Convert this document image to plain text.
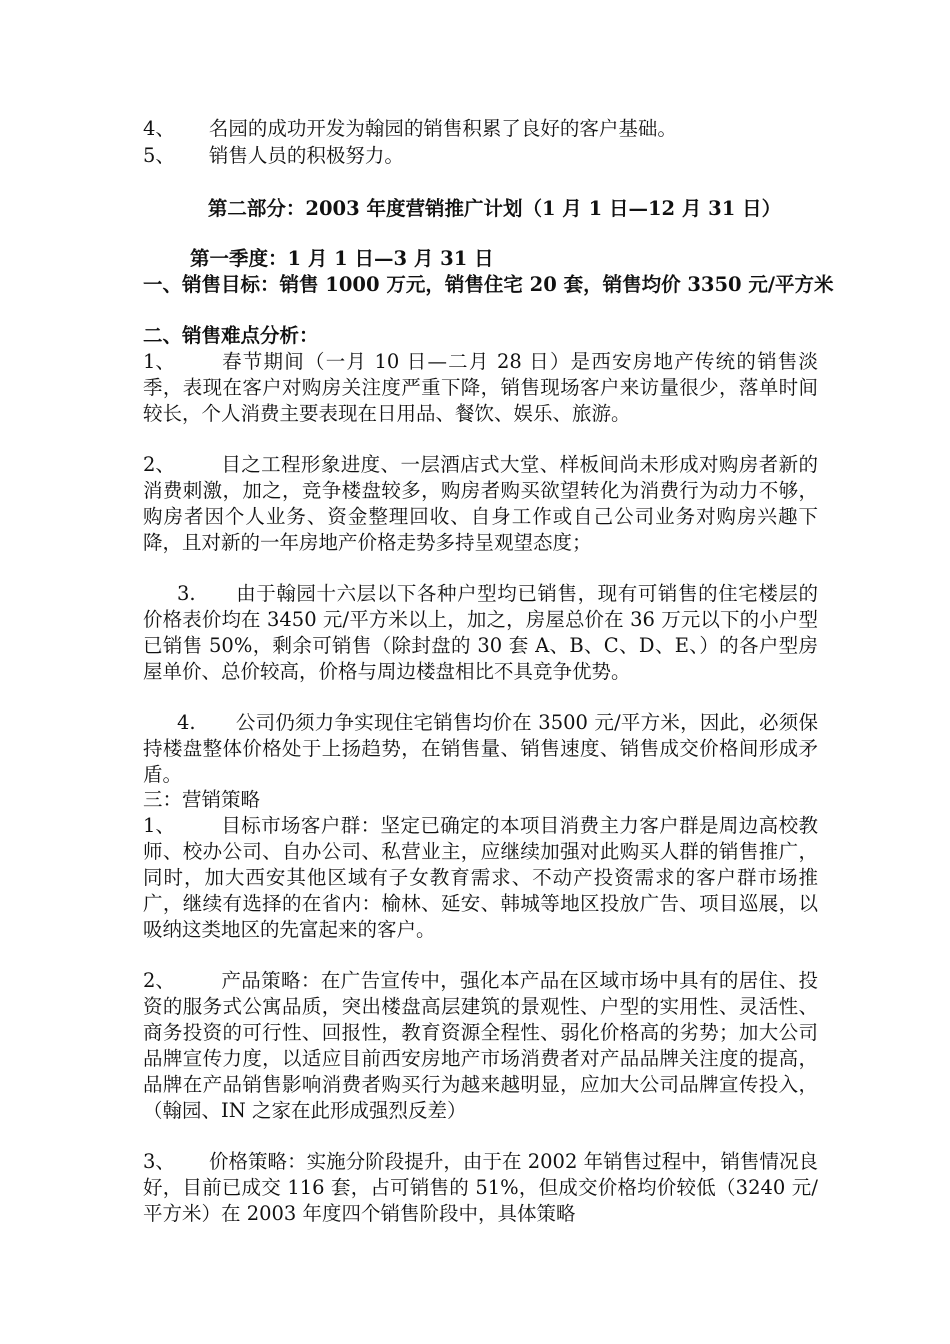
4、 名园的成功开发为翰园的销售积累了良好的客户基础。

5、 销售人员的积极努力。

第二部分：2003 年度营销推广计划（1 月 1 日—12 月 31 日）

第一季度：1 月 1 日—3 月 31 日

一、销售目标：销售 1000 万元，销售住宅 20 套，销售均价 3350 元/平方米

二、销售难点分析：

1、 春节期间（一月 10 日—二月 28 日）是西安房地产传统的销售淡季，表现在客户对购房关注度严重下降，销售现场客户来访量很少，落单时间较长，个人消费主要表现在日用品、餐饮、娱乐、旅游。

2、 目之工程形象进度、一层酒店式大堂、样板间尚未形成对购房者新的消费刺激，加之，竞争楼盘较多，购房者购买欲望转化为消费行为动力不够，购房者因个人业务、资金整理回收、自身工作或自己公司业务对购房兴趣下降，且对新的一年房地产价格走势多持呈观望态度；

3. 由于翰园十六层以下各种户型均已销售，现有可销售的住宅楼层的价格表价均在 3450 元/平方米以上，加之，房屋总价在 36 万元以下的小户型已销售 50%，剩余可销售（除封盘的 30 套 A、B、C、D、E、）的各户型房屋单价、总价较高，价格与周边楼盘相比不具竞争优势。

4. 公司仍须力争实现住宅销售均价在 3500 元/平方米，因此，必须保持楼盘整体价格处于上扬趋势，在销售量、销售速度、销售成交价格间形成矛盾。

三：营销策略

1、 目标市场客户群：坚定已确定的本项目消费主力客户群是周边高校教师、校办公司、自办公司、私营业主，应继续加强对此购买人群的销售推广，同时，加大西安其他区域有子女教育需求、不动产投资需求的客户群市场推广，继续有选择的在省内：榆林、延安、韩城等地区投放广告、项目巡展，以吸纳这类地区的先富起来的客户。

2、 产品策略：在广告宣传中，强化本产品在区域市场中具有的居住、投资的服务式公寓品质，突出楼盘高层建筑的景观性、户型的实用性、灵活性、商务投资的可行性、回报性，教育资源全程性、弱化价格高的劣势；加大公司品牌宣传力度，以适应目前西安房地产市场消费者对产品品牌关注度的提高，品牌在产品销售影响消费者购买行为越来越明显，应加大公司品牌宣传投入，（翰园、IN 之家在此形成强烈反差）

3、 价格策略：实施分阶段提升，由于在 2002 年销售过程中，销售情况良好，目前已成交 116 套，占可销售的 51%，但成交价格均价较低（3240 元/平方米）在 2003 年度四个销售阶段中，具体策略
